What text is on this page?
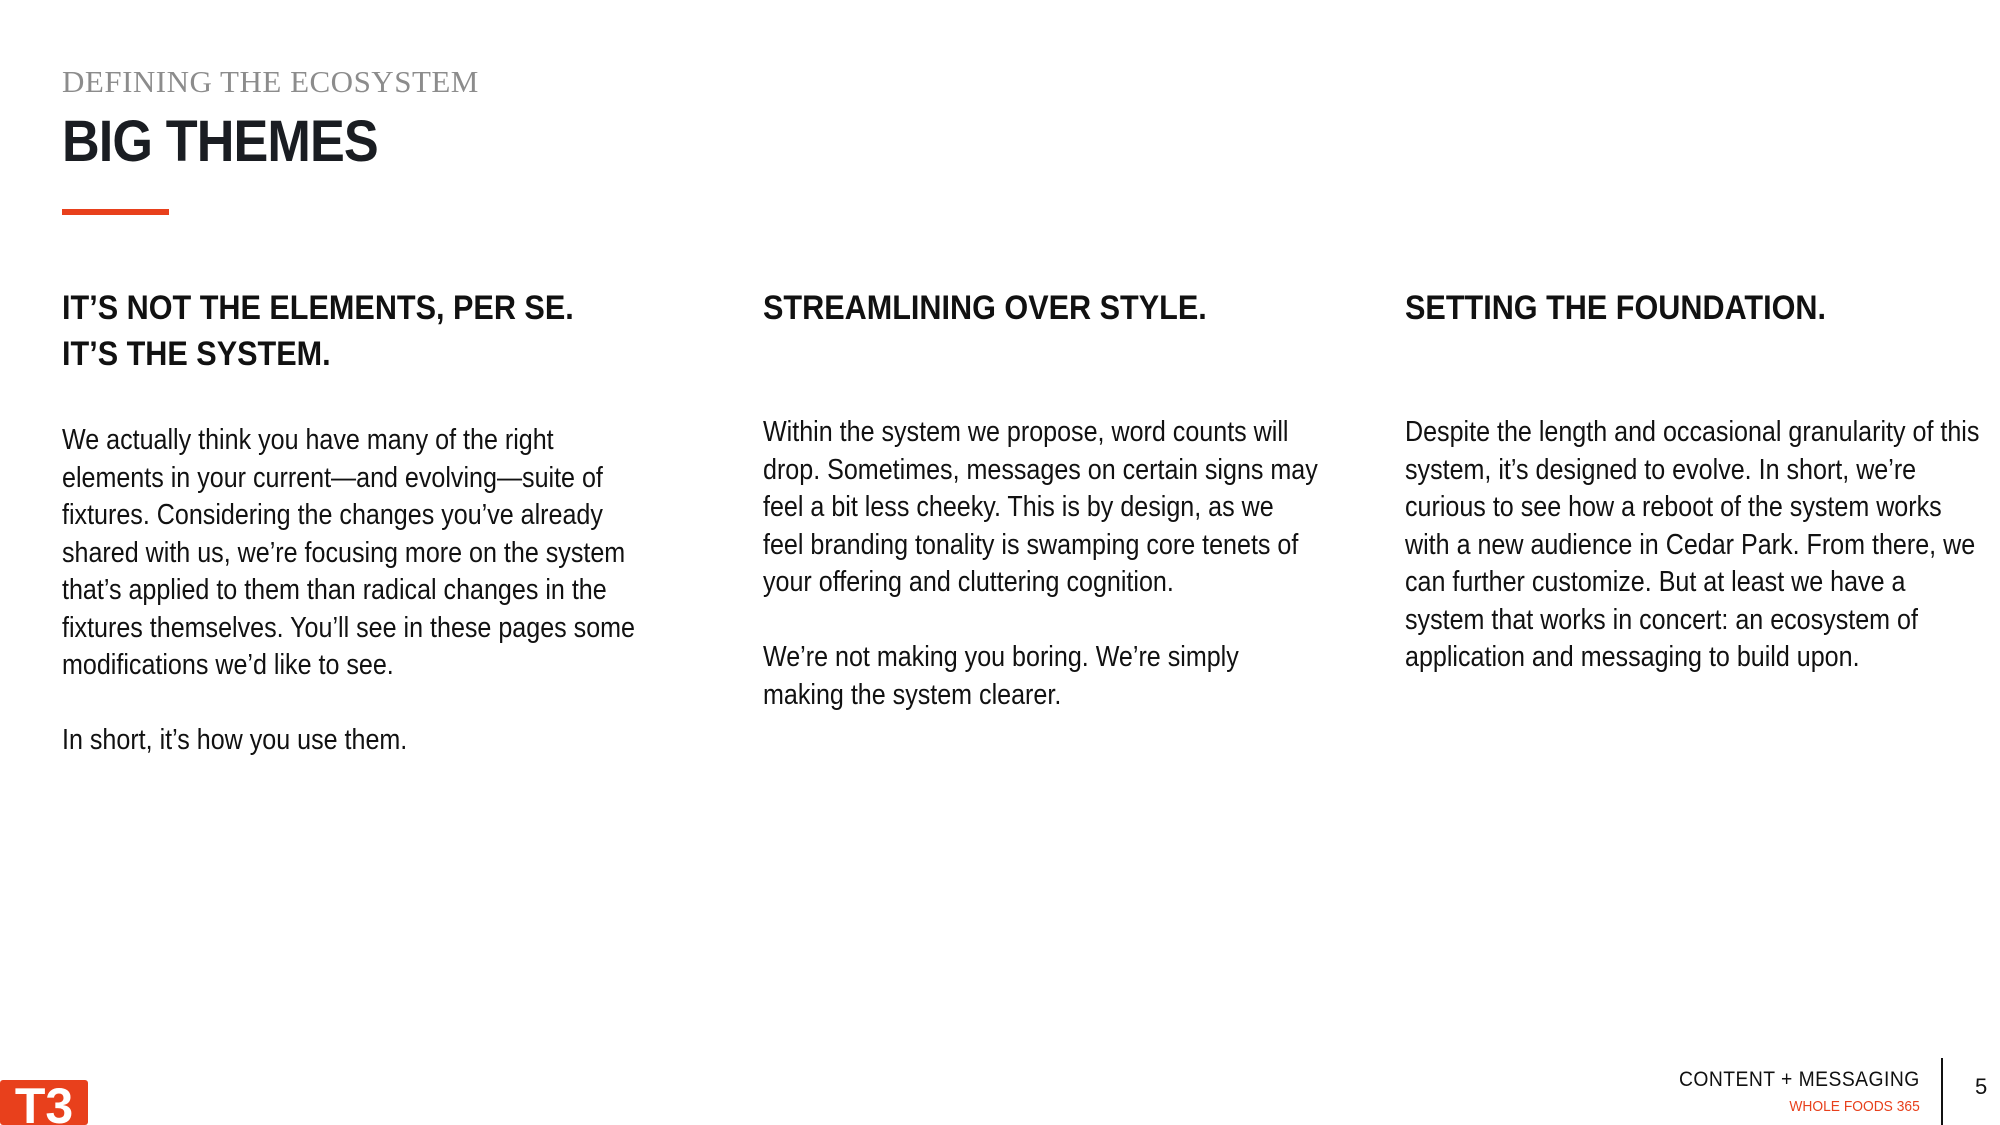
DEFINING THE ECOSYSTEM
BIG THEMES
IT’S NOT THE ELEMENTS, PER SE.
IT’S THE SYSTEM.
We actually think you have many of the right elements in your current—and evolving—suite of fixtures. Considering the changes you’ve already shared with us, we’re focusing more on the system that’s applied to them than radical changes in the fixtures themselves. You’ll see in these pages some modifications we’d like to see.
In short, it’s how you use them.
STREAMLINING OVER STYLE.
Within the system we propose, word counts will drop. Sometimes, messages on certain signs may feel a bit less cheeky. This is by design, as we feel branding tonality is swamping core tenets of your offering and cluttering cognition.
We’re not making you boring. We’re simply making the system clearer.
SETTING THE FOUNDATION.
Despite the length and occasional granularity of this system, it’s designed to evolve. In short, we’re curious to see how a reboot of the system works with a new audience in Cedar Park. From there, we can further customize. But at least we have a system that works in concert: an ecosystem of application and messaging to build upon.
T3	CONTENT + MESSAGING
WHOLE FOODS 365
5
